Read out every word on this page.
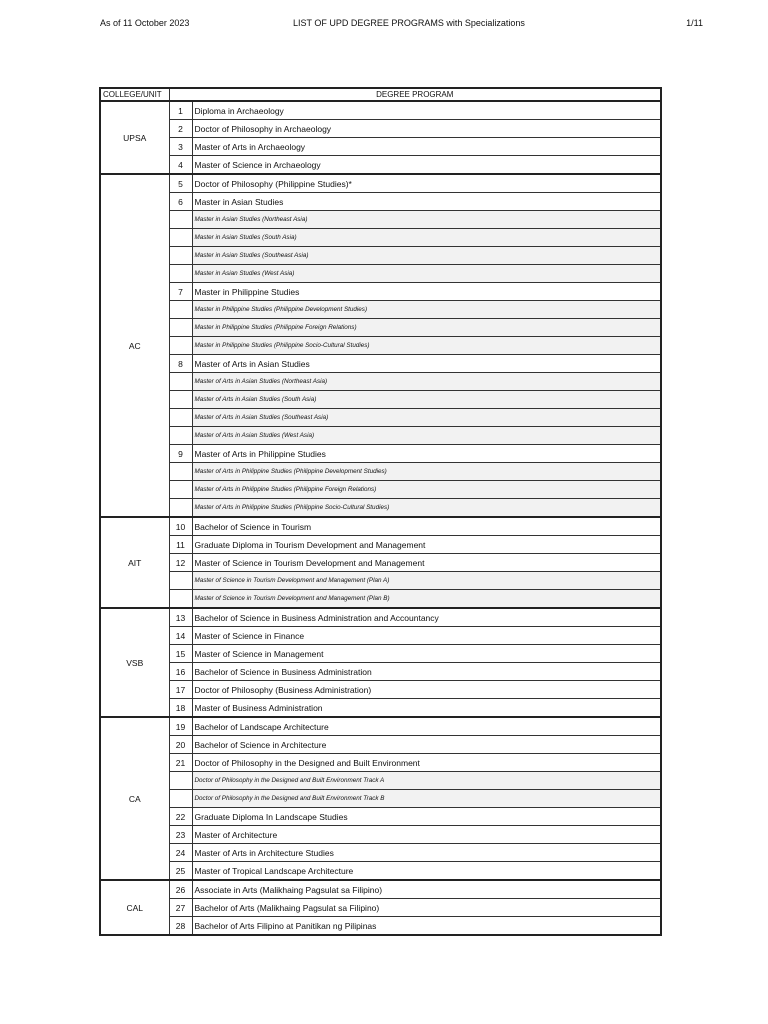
As of 11 October 2023	LIST OF UPD DEGREE PROGRAMS with Specializations	1/11
COLLEGE/UNIT	DEGREE PROGRAM	
UPSA	1	Diploma in Archaeology
	2	Doctor of Philosophy in Archaeology
	3	Master of Arts in Archaeology
	4	Master of Science in Archaeology
AC	5	Doctor of Philosophy (Philippine Studies)*
	6	Master in Asian Studies
		Master in Asian Studies (Northeast Asia)
		Master in Asian Studies (South Asia)
		Master in Asian Studies (Southeast Asia)
		Master in Asian Studies (West Asia)
	7	Master in Philippine Studies
		Master in Philippine Studies (Philippine Development Studies)
		Master in Philippine Studies (Philippine Foreign Relations)
		Master in Philippine Studies (Philippine Socio-Cultural Studies)
	8	Master of Arts in Asian Studies
		Master of Arts in Asian Studies (Northeast Asia)
		Master of Arts in Asian Studies (South Asia)
		Master of Arts in Asian Studies (Southeast Asia)
		Master of Arts in Asian Studies (West Asia)
	9	Master of Arts in Philippine Studies
		Master of Arts in Philippine Studies (Philippine Development Studies)
		Master of Arts in Philippine Studies (Philippine Foreign Relations)
		Master of Arts in Philippine Studies (Philippine Socio-Cultural Studies)
AIT	10	Bachelor of Science in Tourism
	11	Graduate Diploma in Tourism Development and Management
	12	Master of Science in Tourism Development and Management
		Master of Science in Tourism Development and Management (Plan A)
		Master of Science in Tourism Development and Management (Plan B)
VSB	13	Bachelor of Science in Business Administration and Accountancy
	14	Master of Science in Finance
	15	Master of Science in Management
	16	Bachelor of Science in Business Administration
	17	Doctor of Philosophy (Business Administration)
	18	Master of Business Administration
CA	19	Bachelor of Landscape Architecture
	20	Bachelor of Science in Architecture
	21	Doctor of Philosophy in the Designed and Built Environment
		Doctor of Philosophy in the Designed and Built Environment Track A
		Doctor of Philosophy in the Designed and Built Environment Track B
	22	Graduate Diploma In Landscape Studies
	23	Master of Architecture
	24	Master of Arts in Architecture Studies
	25	Master of Tropical Landscape Architecture
CAL	26	Associate in Arts (Malikhaing Pagsulat sa Filipino)
	27	Bachelor of Arts (Malikhaing Pagsulat sa Filipino)
	28	Bachelor of Arts Filipino at Panitikan ng Pilipinas
